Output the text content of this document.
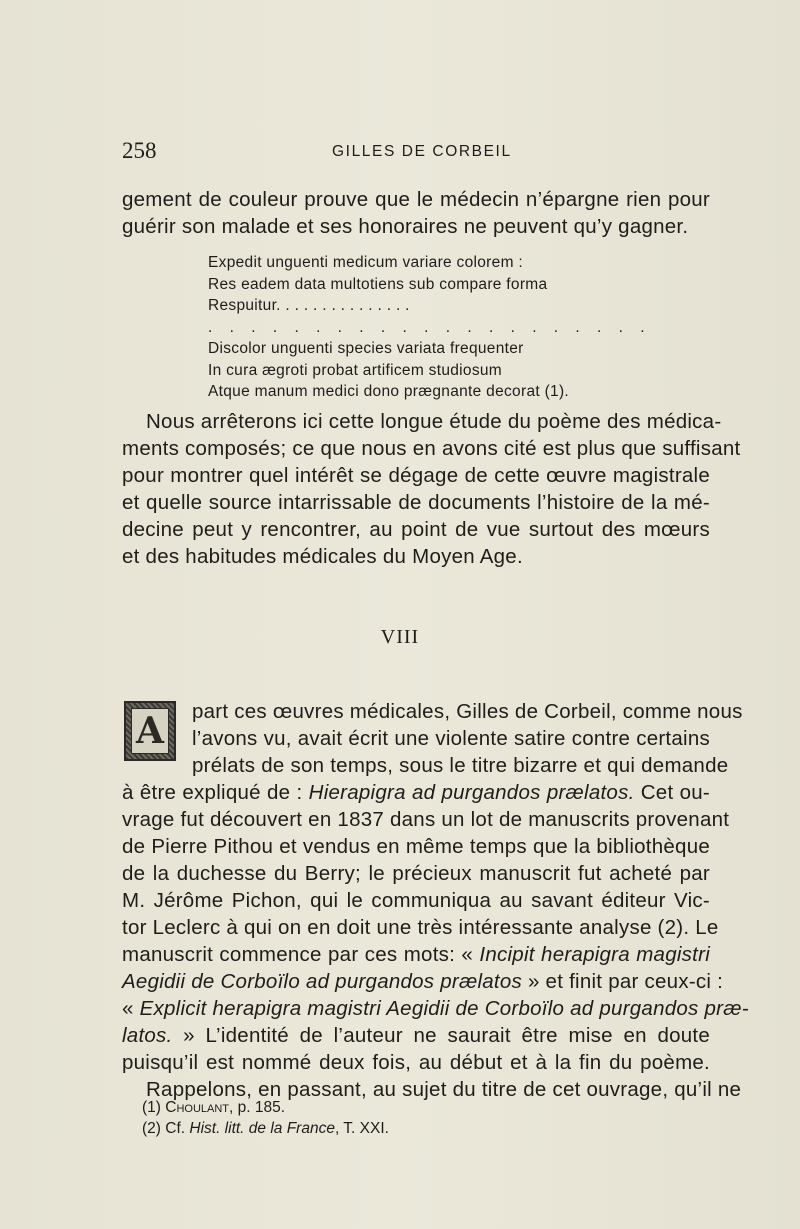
258	GILLES DE CORBEIL
gement de couleur prouve que le médecin n’épargne rien pour
guérir son malade et ses honoraires ne peuvent qu’y gagner.
Expedit unguenti medicum variare colorem :
Res eadem data multotiens sub compare forma
Respuitur. . . . . . . . . . . . . . .
. . . . . . . . . . . . . . . . . . . . .
Discolor unguenti species variata frequenter
In cura ægroti probat artificem studiosum
Atque manum medici dono prægnante decorat (1).
Nous arrêterons ici cette longue étude du poème des médica-
ments composés; ce que nous en avons cité est plus que suffisant
pour montrer quel intérêt se dégage de cette œuvre magistrale
et quelle source intarrissable de documents l’histoire de la mé-
decine peut y rencontrer, au point de vue surtout des mœurs
et des habitudes médicales du Moyen Age.
VIII
A	part ces œuvres médicales, Gilles de Corbeil, comme nous
l’avons vu, avait écrit une violente satire contre certains
prélats de son temps, sous le titre bizarre et qui demande
à être expliqué de : Hierapigra ad purgandos prælatos. Cet ou-
vrage fut découvert en 1837 dans un lot de manuscrits provenant
de Pierre Pithou et vendus en même temps que la bibliothèque
de la duchesse du Berry; le précieux manuscrit fut acheté par
M. Jérôme Pichon, qui le communiqua au savant éditeur Vic-
tor Leclerc à qui on en doit une très intéressante analyse (2). Le
manuscrit commence par ces mots: « Incipit herapigra magistri
Aegidii de Corboïlo ad purgandos prælatos » et finit par ceux-ci :
« Explicit herapigra magistri Aegidii de Corboïlo ad purgandos præ-
latos. » L’identité de l’auteur ne saurait être mise en doute
puisqu’il est nommé deux fois, au début et à la fin du poème.
Rappelons, en passant, au sujet du titre de cet ouvrage, qu’il ne
(1) Choulant, p. 185.
(2) Cf. Hist. litt. de la France, T. XXI.
